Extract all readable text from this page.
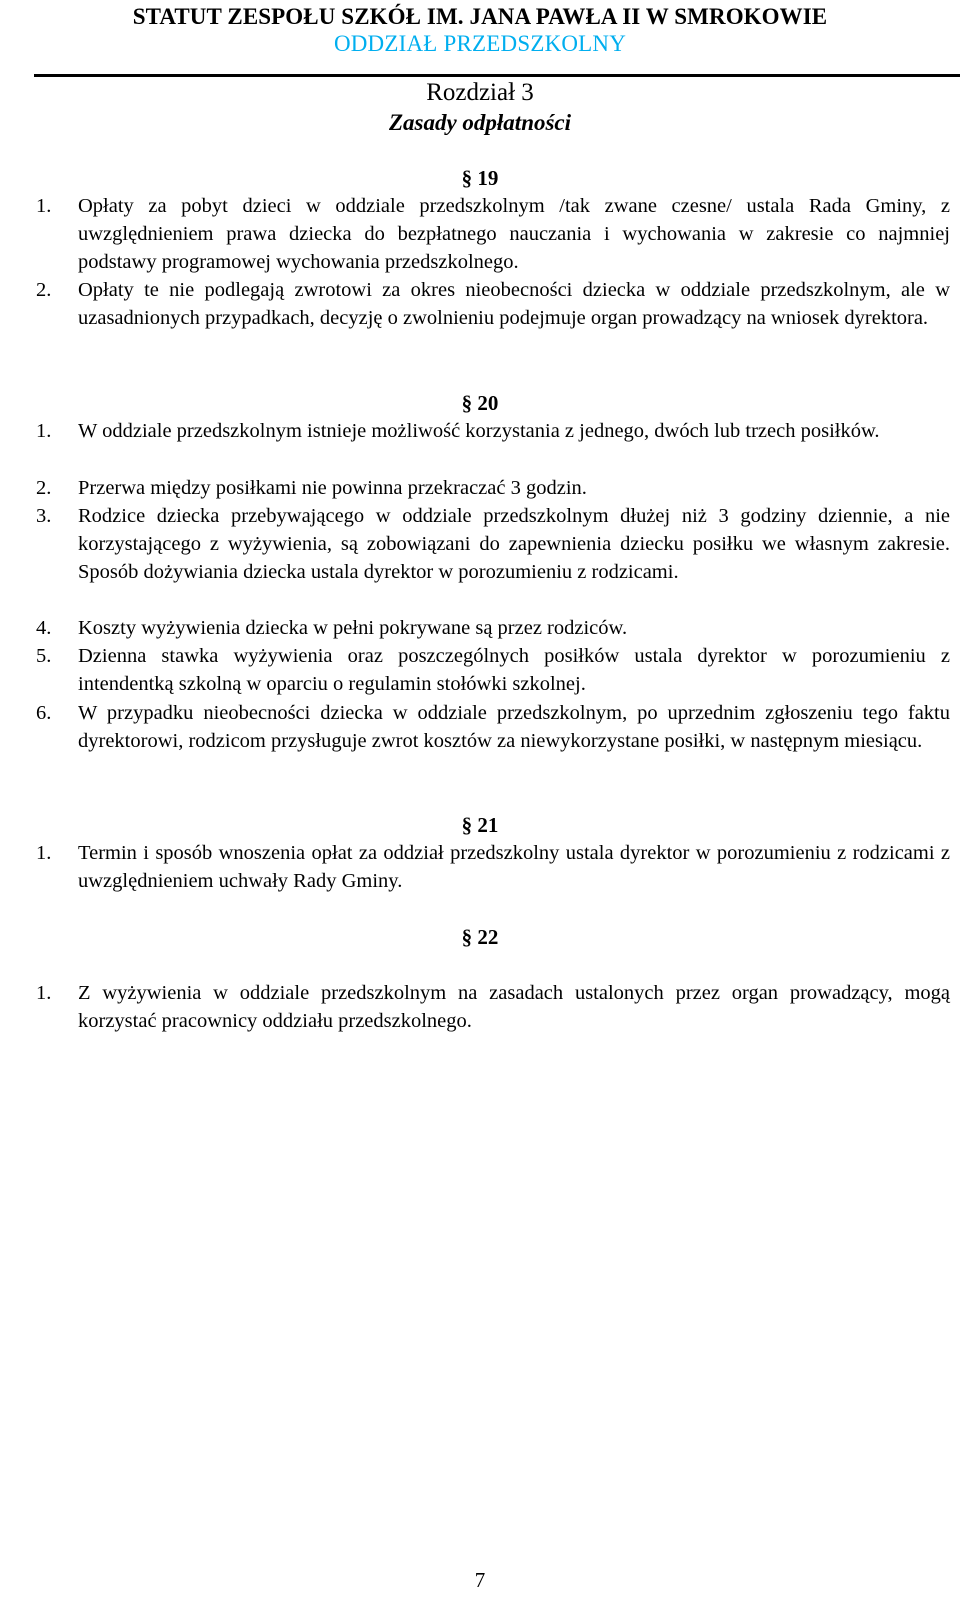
STATUT ZESPOŁU SZKÓŁ IM. JANA PAWŁA II W SMROKOWIE
ODDZIAŁ PRZEDSZKOLNY
Rozdział 3
Zasady odpłatności
§ 19
1.	Opłaty za pobyt dzieci w oddziale przedszkolnym /tak zwane czesne/ ustala Rada Gminy, z uwzględnieniem prawa dziecka do bezpłatnego nauczania i wychowania w zakresie co najmniej podstawy programowej wychowania przedszkolnego.
2.	Opłaty te nie podlegają zwrotowi za okres nieobecności dziecka w oddziale przedszkolnym, ale w uzasadnionych przypadkach, decyzję o zwolnieniu podejmuje organ prowadzący na wniosek dyrektora.
§ 20
1.	W oddziale przedszkolnym istnieje możliwość korzystania z jednego, dwóch lub trzech posiłków.
2.	Przerwa między posiłkami nie powinna przekraczać 3 godzin.
3.	Rodzice dziecka przebywającego w oddziale przedszkolnym dłużej niż 3 godziny dziennie, a nie korzystającego z wyżywienia, są zobowiązani do zapewnienia dziecku posiłku we własnym zakresie. Sposób dożywiania dziecka ustala dyrektor w porozumieniu z rodzicami.
4.	Koszty wyżywienia dziecka w pełni pokrywane są przez rodziców.
5.	Dzienna stawka wyżywienia oraz poszczególnych posiłków ustala dyrektor w porozumieniu z intendentką szkolną w oparciu o regulamin stołówki szkolnej.
6.	W przypadku nieobecności dziecka w oddziale przedszkolnym, po uprzednim zgłoszeniu tego faktu dyrektorowi, rodzicom przysługuje zwrot kosztów za niewykorzystane posiłki, w następnym miesiącu.
§ 21
1.	Termin i sposób wnoszenia opłat za oddział przedszkolny ustala dyrektor w porozumieniu z rodzicami z uwzględnieniem uchwały Rady Gminy.
§ 22
1.	Z wyżywienia w oddziale przedszkolnym na zasadach ustalonych przez organ prowadzący, mogą korzystać pracownicy oddziału przedszkolnego.
7
